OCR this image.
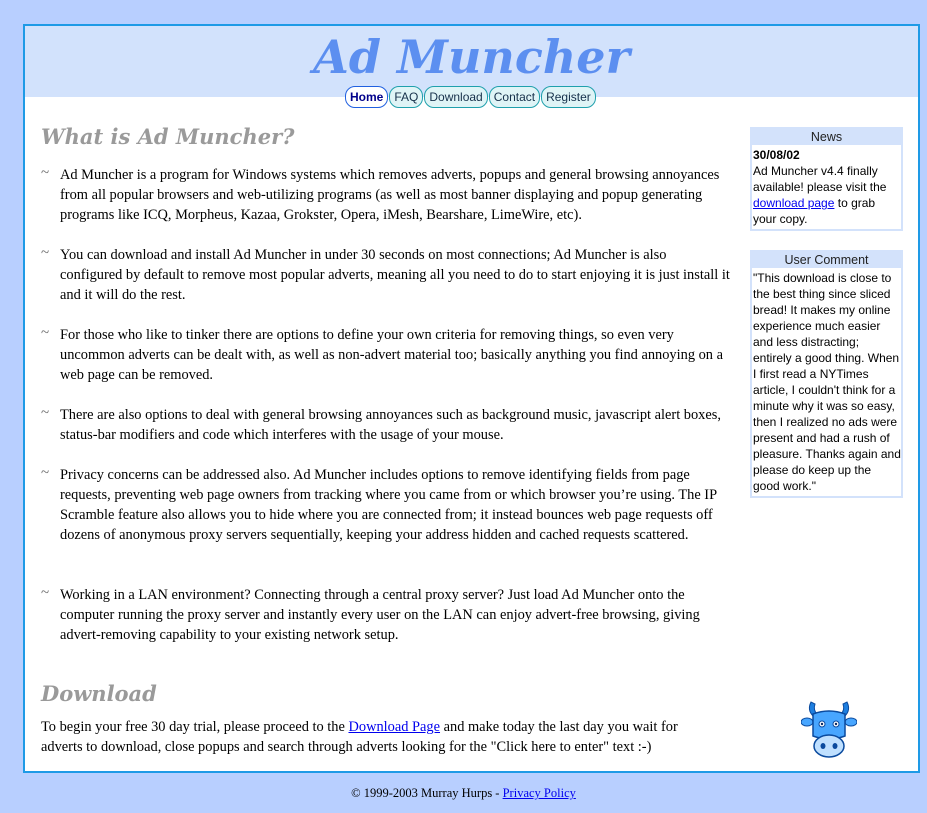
Ad Muncher
Home FAQ Download Contact Register
What is Ad Muncher?
~ Ad Muncher is a program for Windows systems which removes adverts, popups and general browsing annoyances from all popular browsers and web-utilizing programs (as well as most banner displaying and popup generating programs like ICQ, Morpheus, Kazaa, Grokster, Opera, iMesh, Bearshare, LimeWire, etc).
~ You can download and install Ad Muncher in under 30 seconds on most connections; Ad Muncher is also configured by default to remove most popular adverts, meaning all you need to do to start enjoying it is just install it and it will do the rest.
~ For those who like to tinker there are options to define your own criteria for removing things, so even very uncommon adverts can be dealt with, as well as non-advert material too; basically anything you find annoying on a web page can be removed.
~ There are also options to deal with general browsing annoyances such as background music, javascript alert boxes, status-bar modifiers and code which interferes with the usage of your mouse.
~ Privacy concerns can be addressed also. Ad Muncher includes options to remove identifying fields from page requests, preventing web page owners from tracking where you came from or which browser you’re using. The IP Scramble feature also allows you to hide where you are connected from; it instead bounces web page requests off dozens of anonymous proxy servers sequentially, keeping your address hidden and cached requests scattered.
~ Working in a LAN environment? Connecting through a central proxy server? Just load Ad Muncher onto the computer running the proxy server and instantly every user on the LAN can enjoy advert-free browsing, giving advert-removing capability to your existing network setup.
Download
To begin your free 30 day trial, please proceed to the Download Page and make today the last day you wait for adverts to download, close popups and search through adverts looking for the "Click here to enter" text :-)
News
30/08/02
Ad Muncher v4.4 finally available! please visit the download page to grab your copy.
User Comment
"This download is close to the best thing since sliced bread! It makes my online experience much easier and less distracting; entirely a good thing. When I first read a NYTimes article, I couldn't think for a minute why it was so easy, then I realized no ads were present and had a rush of pleasure. Thanks again and please do keep up the good work."
© 1999-2003 Murray Hurps - Privacy Policy
